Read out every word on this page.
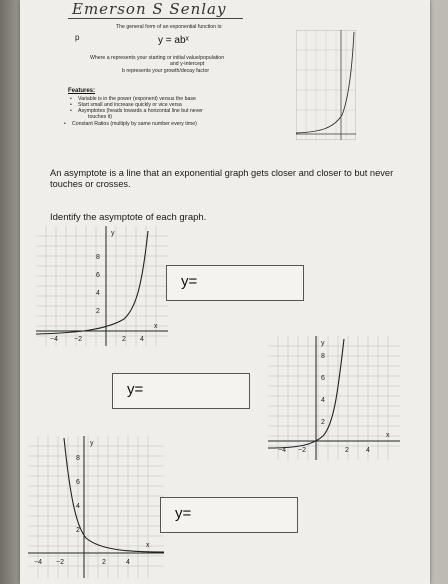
Emerson S Senlay
p
The general form of an exponential function is:
y = abˣ
Where a represents your starting or initial value/population
and y-intercept
b represents your growth/decay factor
Features:
• Variable is in the power (exponent) versus the base
• Start small and increase quickly or vice versa
• Asymptotes (heads towards a horizontal line but never
touches it)
• Constant Ratios (multiply by same number every time)
An asymptote is a line that an exponential graph gets closer and closer to but never touches or crosses.
Identify the asymptote of each graph.
x
y
−4 −2	2 4
8
6
4
2
y=
x
y
−4 −2	2 4
8
6
4
2
y=
x
y
−4 −2	2	4
8
6
4
2
y=
